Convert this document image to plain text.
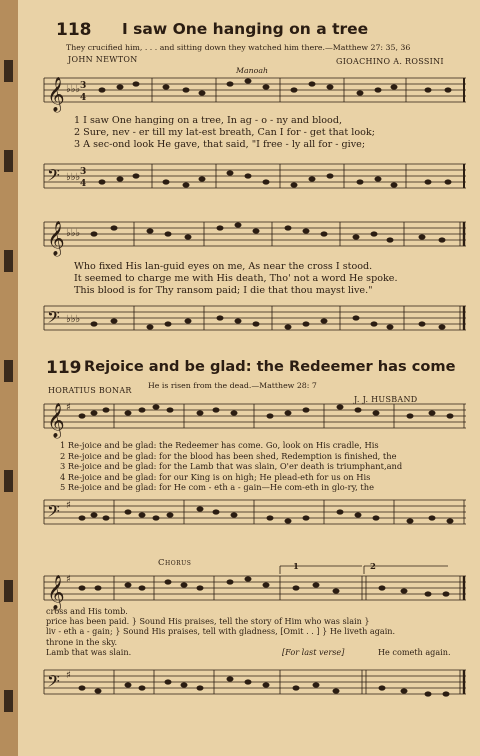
118 I saw One hanging on a tree
They crucified him, . . . and sitting down they watched him there.—Matthew 27: 35, 36
JOHN NEWTON
Manoah
GIOACHINO A. ROSSINI
𝄞 ♭♭♭ 3
4
1 I saw One hanging on a tree, In ag - o - ny and blood,
2 Sure, nev - er till my lat-est breath, Can I for - get that look;
3 A sec-ond look He gave, that said, "I free - ly all for - give;
𝄢 ♭♭♭ 3
4
𝄞 ♭♭♭
Who fixed His lan-guid eyes on me, As near the cross I stood.
It seemed to charge me with His death, Tho' not a word He spoke.
This blood is for Thy ransom paid; I die that thou mayst live."
𝄢 ♭♭♭
119 Rejoice and be glad: the Redeemer has come
He is risen from the dead.—Matthew 28: 7
HORATIUS BONAR
J. J. HUSBAND
𝄞 ♯
1 Re-joice and be glad: the Redeemer has come. Go, look on His cradle, His
2 Re-joice and be glad: for the blood has been shed, Redemption is finished, the
3 Re-joice and be glad: for the Lamb that was slain, O'er death is triumphant,and
4 Re-joice and be glad: for our King is on high; He plead-eth for us on His
5 Re-joice and be glad: for He com - eth a - gain—He com-eth in glo-ry, the
𝄢 ♯
Chorus	1	2
𝄞 ♯
cross and His tomb.
price has been paid. } Sound His praises, tell the story of Him who was slain }
liv - eth a - gain; } Sound His praises, tell with gladness, [Omit . . ] } He liveth again.
throne in the sky.
Lamb that was slain.	[For last verse]	He cometh again.
𝄢 ♯
